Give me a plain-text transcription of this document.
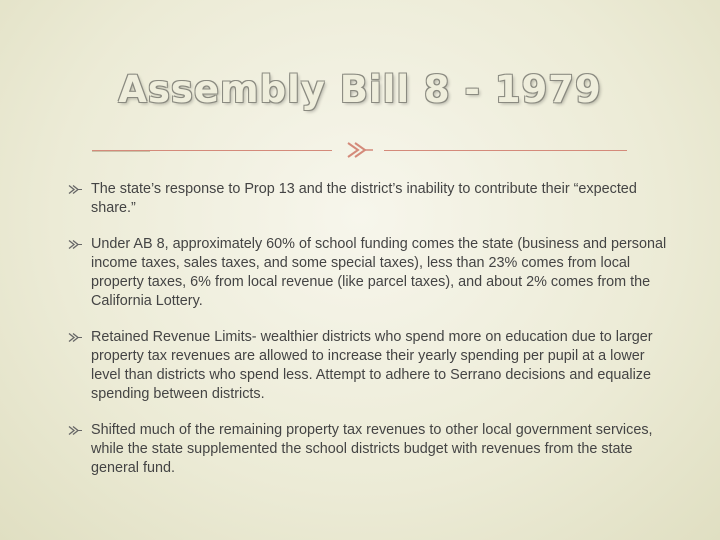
Assembly Bill 8 - 1979
The state’s response to Prop 13 and the district’s inability to contribute their “expected share.”
Under AB 8, approximately 60% of school funding comes the state (business and personal income taxes, sales taxes, and some special taxes), less than 23% comes from local property taxes, 6% from local revenue (like parcel taxes), and about 2% comes from the California Lottery.
Retained Revenue Limits- wealthier districts who spend more on education due to larger property tax revenues are allowed to increase their yearly spending per pupil at a lower level than districts who spend less. Attempt to adhere to Serrano decisions and equalize spending between districts.
Shifted much of the remaining property tax revenues to other local government services, while the state supplemented the school districts budget with revenues from the state general fund.
